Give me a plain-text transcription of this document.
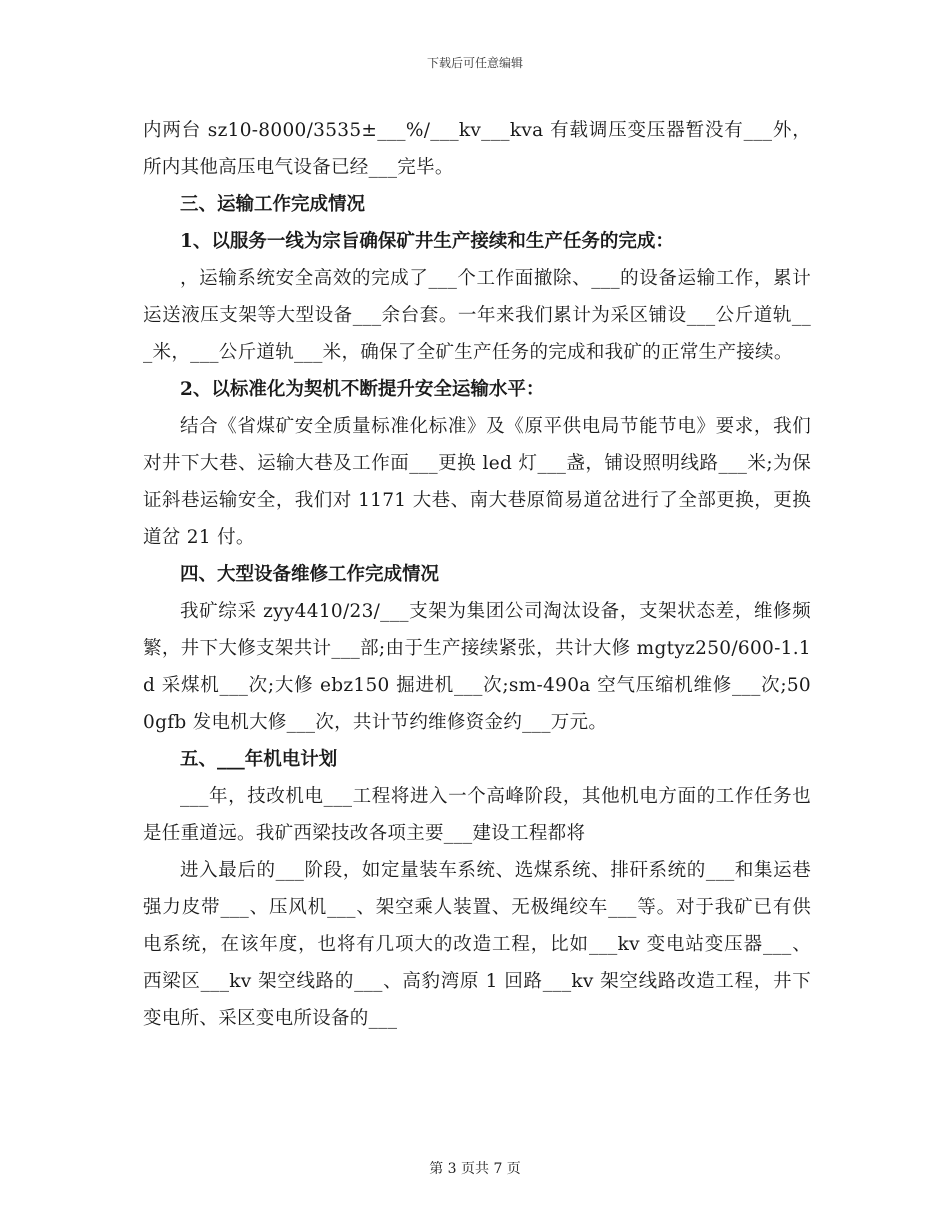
下载后可任意编辑

内两台 sz10-8000/3535±___%/___kv___kva 有载调压变压器暂没有___外，所内其他高压电气设备已经___完毕。

三、运输工作完成情况

1、以服务一线为宗旨确保矿井生产接续和生产任务的完成：

，运输系统安全高效的完成了___个工作面撤除、___的设备运输工作，累计运送液压支架等大型设备___余台套。一年来我们累计为采区铺设___公斤道轨___米，___公斤道轨___米，确保了全矿生产任务的完成和我矿的正常生产接续。

2、以标准化为契机不断提升安全运输水平：

结合《省煤矿安全质量标准化标准》及《原平供电局节能节电》要求，我们对井下大巷、运输大巷及工作面___更换 led 灯___盏，铺设照明线路___米;为保证斜巷运输安全，我们对 1171 大巷、南大巷原简易道岔进行了全部更换，更换道岔 21 付。

四、大型设备维修工作完成情况

我矿综采 zyy4410/23/___支架为集团公司淘汰设备，支架状态差，维修频繁，井下大修支架共计___部;由于生产接续紧张，共计大修 mgtyz250/600-1.1d 采煤机___次;大修 ebz150 掘进机___次;sm-490a 空气压缩机维修___次;500gfb 发电机大修___次，共计节约维修资金约___万元。

五、___年机电计划

___年，技改机电___工程将进入一个高峰阶段，其他机电方面的工作任务也是任重道远。我矿西梁技改各项主要___建设工程都将

进入最后的___阶段，如定量装车系统、选煤系统、排矸系统的___和集运巷强力皮带___、压风机___、架空乘人装置、无极绳绞车___等。对于我矿已有供电系统，在该年度，也将有几项大的改造工程，比如___kv 变电站变压器___、西梁区___kv 架空线路的___、高豹湾原 1 回路___kv 架空线路改造工程，井下变电所、采区变电所设备的___

第 3 页共 7 页
